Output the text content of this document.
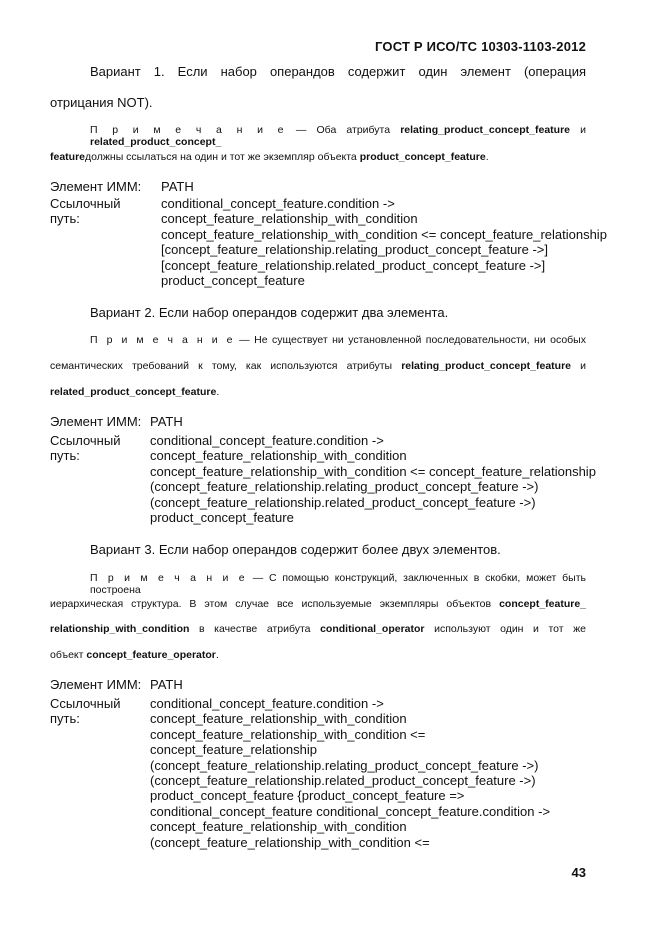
ГОСТ Р ИСО/ТС 10303-1103-2012
Вариант 1. Если набор операндов содержит один элемент (операция
отрицания NOT).
П р и м е ч а н и е — Оба атрибута relating_product_concept_feature и related_product_concept_
featureдолжны ссылаться на один и тот же экземпляр объекта product_concept_feature.
Элемент ИММ: PATH
Ссылочный
путь:
conditional_concept_feature.condition ->
concept_feature_relationship_with_condition
concept_feature_relationship_with_condition <= concept_feature_relationship
[concept_feature_relationship.relating_product_concept_feature ->]
[concept_feature_relationship.related_product_concept_feature ->]
product_concept_feature
Вариант 2. Если набор операндов содержит два элемента.
П р и м е ч а н и е — Не существует ни установленной последовательности, ни особых
семантических требований к тому, как используются атрибуты relating_product_concept_feature и
related_product_concept_feature.
Элемент ИММ: PATH
Ссылочный
путь:
conditional_concept_feature.condition ->
concept_feature_relationship_with_condition
concept_feature_relationship_with_condition <= concept_feature_relationship
(concept_feature_relationship.relating_product_concept_feature ->)
(concept_feature_relationship.related_product_concept_feature ->)
product_concept_feature
Вариант 3. Если набор операндов содержит более двух элементов.
П р и м е ч а н и е — С помощью конструкций, заключенных в скобки, может быть построена
иерархическая структура. В этом случае все используемые экземпляры объектов concept_feature_
relationship_with_condition в качестве атрибута conditional_operator используют один и тот же
объект concept_feature_operator.
Элемент ИММ: PATH
Ссылочный
путь:
conditional_concept_feature.condition ->
concept_feature_relationship_with_condition
concept_feature_relationship_with_condition <=
concept_feature_relationship
(concept_feature_relationship.relating_product_concept_feature ->)
(concept_feature_relationship.related_product_concept_feature ->)
product_concept_feature {product_concept_feature =>
conditional_concept_feature conditional_concept_feature.condition ->
concept_feature_relationship_with_condition
(concept_feature_relationship_with_condition <=
43
